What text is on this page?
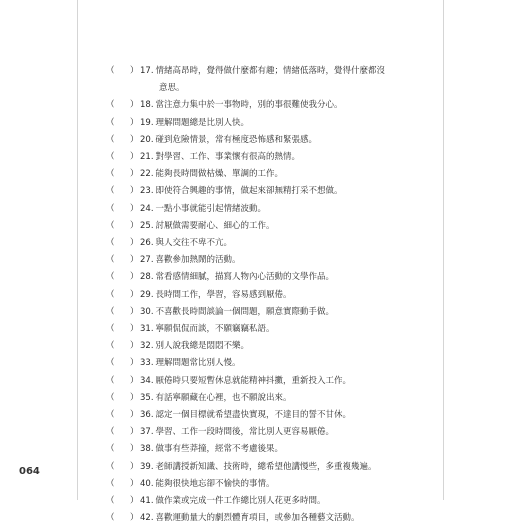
（ ）17. 情緒高昂時，覺得做什麼都有趣；情緒低落時，覺得什麼都沒
意思。
（ ）18. 當注意力集中於一事物時，別的事很難使我分心。
（ ）19. 理解問題總是比別人快。
（ ）20. 碰到危險情景，常有極度恐怖感和緊張感。
（ ）21. 對學習、工作、事業懷有很高的熱情。
（ ）22. 能夠長時間做枯燥、單調的工作。
（ ）23. 即使符合興趣的事情，做起來卻無精打采不想做。
（ ）24. 一點小事就能引起情緒波動。
（ ）25. 討厭做需要耐心、細心的工作。
（ ）26. 與人交往不卑不亢。
（ ）27. 喜歡參加熱鬧的活動。
（ ）28. 常看感情細膩，描寫人物內心活動的文學作品。
（ ）29. 長時間工作，學習，容易感到厭倦。
（ ）30. 不喜歡長時間談論一個問題，願意實際動手做。
（ ）31. 寧願侃侃而談，不願竊竊私語。
（ ）32. 別人說我總是悶悶不樂。
（ ）33. 理解問題常比別人慢。
（ ）34. 厭倦時只要短暫休息就能精神抖擻，重新投入工作。
（ ）35. 有話寧願藏在心裡，也不願說出來。
（ ）36. 認定一個目標就希望盡快實現，不達目的誓不甘休。
（ ）37. 學習、工作一段時間後，常比別人更容易厭倦。
（ ）38. 做事有些莽撞，經常不考慮後果。
（ ）39. 老師講授新知識、技術時，總希望他講慢些，多重複幾遍。
（ ）40. 能夠很快地忘卻不愉快的事情。
（ ）41. 做作業或完成一件工作總比別人花更多時間。
（ ）42. 喜歡運動量大的劇烈體育項目，或參加各種藝文活動。
064
